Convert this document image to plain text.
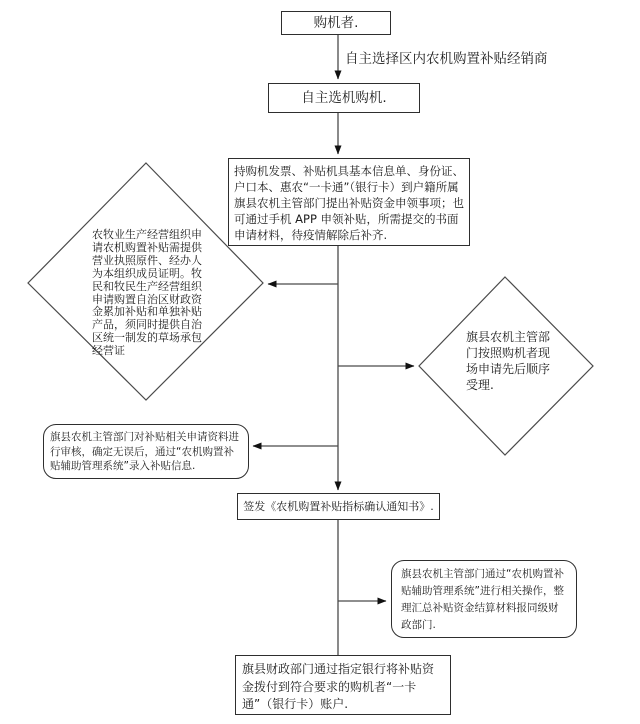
购机者.
自主选择区内农机购置补贴经销商
自主选机购机.
持购机发票、补贴机具基本信息单、身份证、户口本、惠农“一卡通”（银行卡）到户籍所属旗县农机主管部门提出补贴资金申领事项；也可通过手机 APP 申领补贴，所需提交的书面申请材料，待疫情解除后补齐.
农牧业生产经营组织申请农机购置补贴需提供营业执照原件、经办人为本组织成员证明。牧民和牧民生产经营组织申请购置自治区财政资金累加补贴和单独补贴产品，须同时提供自治区统一制发的草场承包经营证
旗县农机主管部门按照购机者现场申请先后顺序受理.
旗县农机主管部门对补贴相关申请资料进行审核，确定无误后，通过“农机购置补贴辅助管理系统”录入补贴信息.
签发《农机购置补贴指标确认通知书》.
旗县农机主管部门通过“农机购置补贴辅助管理系统”进行相关操作，整理汇总补贴资金结算材料报同级财政部门.
旗县财政部门通过指定银行将补贴资金拨付到符合要求的购机者“一卡通”（银行卡）账户.
